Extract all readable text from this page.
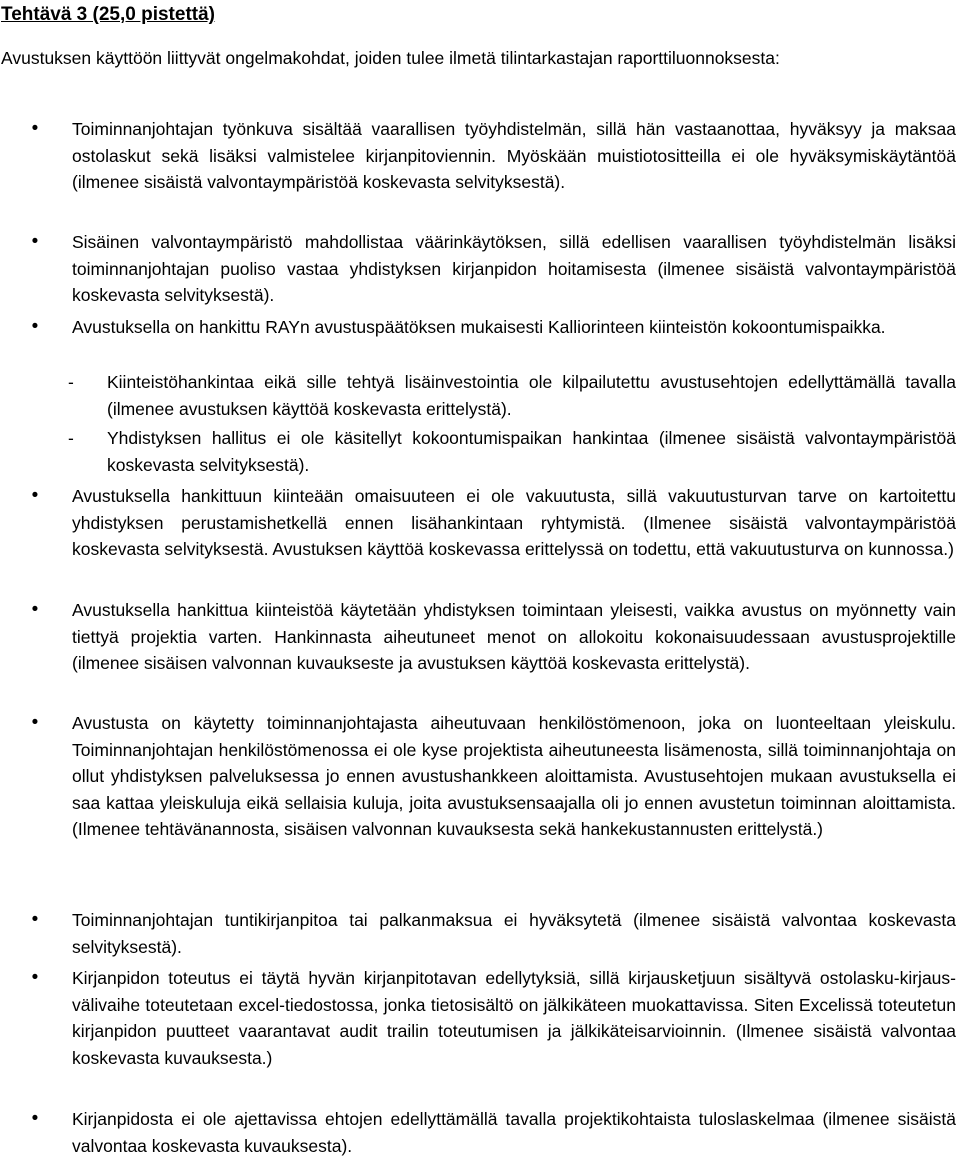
Tehtävä 3 (25,0 pistettä)

Avustuksen käyttöön liittyvät ongelmakohdat, joiden tulee ilmetä tilintarkastajan raporttiluonnoksesta:

• Toiminnanjohtajan työnkuva sisältää vaarallisen työyhdistelmän, sillä hän vastaanottaa, hyväksyy ja maksaa ostolaskut sekä lisäksi valmistelee kirjanpitoviennin. Myöskään muistiotositteilla ei ole hyväksymiskäytäntöä (ilmenee sisäistä valvontaympäristöä koskevasta selvityksestä).

• Sisäinen valvontaympäristö mahdollistaa väärinkäytöksen, sillä edellisen vaarallisen työyhdistelmän lisäksi toiminnanjohtajan puoliso vastaa yhdistyksen kirjanpidon hoitamisesta (ilmenee sisäistä valvontaympäristöä koskevasta selvityksestä).

• Avustuksella on hankittu RAYn avustuspäätöksen mukaisesti Kalliorinteen kiinteistön kokoontumispaikka.

-	Kiinteistöhankintaa eikä sille tehtyä lisäinvestointia ole kilpailutettu avustusehtojen edellyttämällä tavalla (ilmenee avustuksen käyttöä koskevasta erittelystä).

-	Yhdistyksen hallitus ei ole käsitellyt kokoontumispaikan hankintaa (ilmenee sisäistä valvontaympäristöä koskevasta selvityksestä).

• Avustuksella hankittuun kiinteään omaisuuteen ei ole vakuutusta, sillä vakuutusturvan tarve on kartoitettu yhdistyksen perustamishetkellä ennen lisähankintaan ryhtymistä. (Ilmenee sisäistä valvontaympäristöä koskevasta selvityksestä. Avustuksen käyttöä koskevassa erittelyssä on todettu, että vakuutusturva on kunnossa.)

• Avustuksella hankittua kiinteistöä käytetään yhdistyksen toimintaan yleisesti, vaikka avustus on myönnetty vain tiettyä projektia varten. Hankinnasta aiheutuneet menot on allokoitu kokonaisuudessaan avustusprojektille (ilmenee sisäisen valvonnan kuvaukseste ja avustuksen käyttöä koskevasta erittelystä).

• Avustusta on käytetty toiminnanjohtajasta aiheutuvaan henkilöstömenoon, joka on luonteeltaan yleiskulu. Toiminnanjohtajan henkilöstömenossa ei ole kyse projektista aiheutuneesta lisämenosta, sillä toiminnanjohtaja on ollut yhdistyksen palveluksessa jo ennen avustushankkeen aloittamista. Avustusehtojen mukaan avustuksella ei saa kattaa yleiskuluja eikä sellaisia kuluja, joita avustuksensaajalla oli jo ennen avustetun toiminnan aloittamista. (Ilmenee tehtävänannosta, sisäisen valvonnan kuvauksesta sekä hankekustannusten erittelystä.)

• Toiminnanjohtajan tuntikirjanpitoa tai palkanmaksua ei hyväksytetä (ilmenee sisäistä valvontaa koskevasta selvityksestä).

• Kirjanpidon toteutus ei täytä hyvän kirjanpitotavan edellytyksiä, sillä kirjausketjuun sisältyvä ostolasku-kirjaus-välivaihe toteutetaan excel-tiedostossa, jonka tietosisältö on jälkikäteen muokattavissa. Siten Excelissä toteutetun kirjanpidon puutteet vaarantavat audit trailin toteutumisen ja jälkikäteisarvioinnin. (Ilmenee sisäistä valvontaa koskevasta kuvauksesta.)

• Kirjanpidosta ei ole ajettavissa ehtojen edellyttämällä tavalla projektikohtaista tuloslaskelmaa (ilmenee sisäistä valvontaa koskevasta kuvauksesta).
